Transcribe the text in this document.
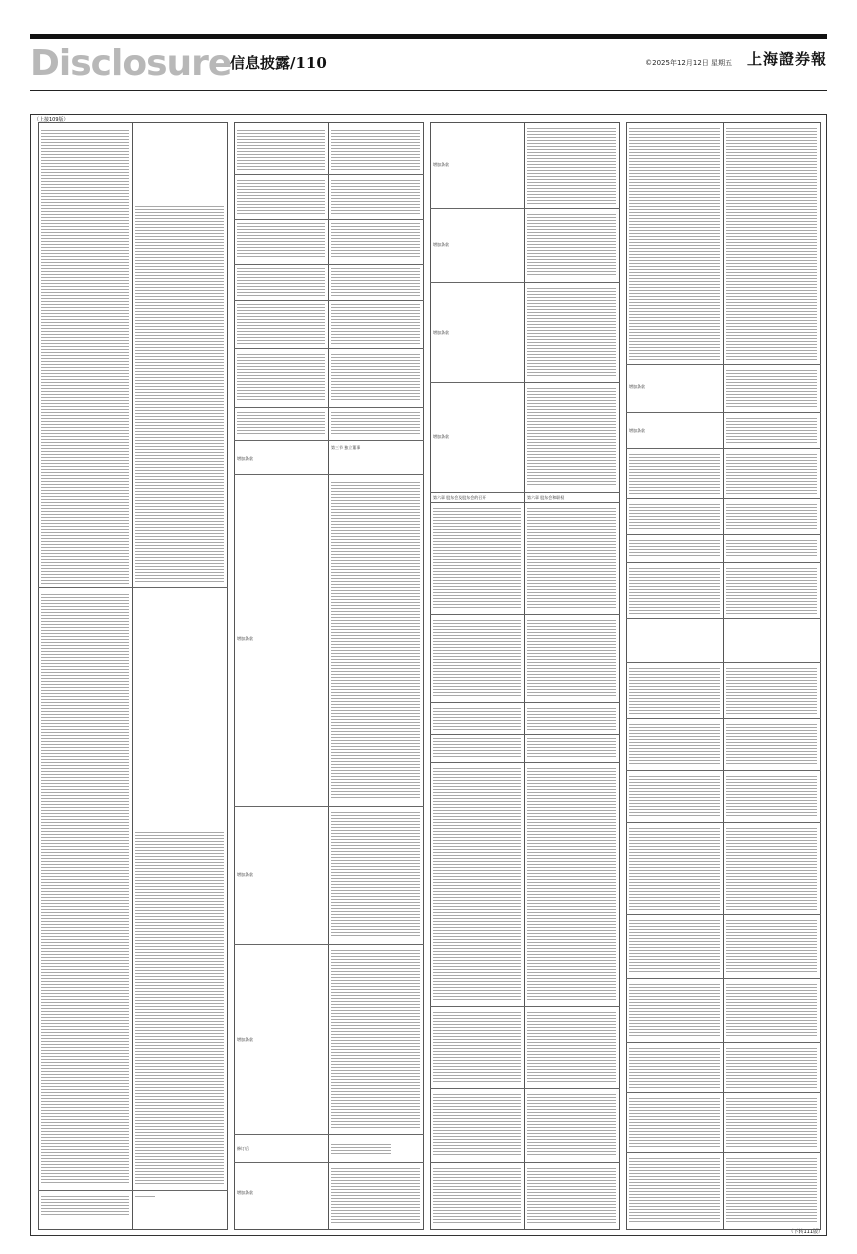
Disclosure
信息披露/110	©2025年12月12日 星期五 上海證券報
（上接109版）
（下转111版）
增加条款
第三节 独立董事
增加条款
增加条款
增加条款
修订后
增加条款
增加条款
增加条款
增加条款
增加条款
第六章 股东会及股东会的召开	第六章 股东会和职权
增加条款
增加条款
